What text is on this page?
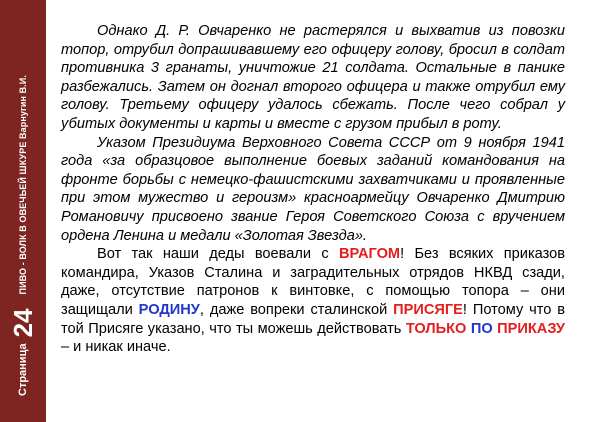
Страница
24
ПИВО - ВОЛК В ОВЕЧЬЕЙ ШКУРЕ Варнугин В.И.

Однако Д. Р. Овчаренко не растерялся и выхватив из повозки топор, отрубил допрашивавшему его офицеру голову, бросил в солдат противника 3 гранаты, уничтожие 21 солдата. Остальные в панике разбежались. Затем он догнал второго офицера и также отрубил ему голову. Третьему офицеру удалось сбежать. После чего собрал у убитых документы и карты и вместе с грузом прибыл в роту.

Указом Президиума Верховного Совета СССР от 9 ноября 1941 года «за образцовое выполнение боевых заданий командования на фронте борьбы с немецко-фашистскими захватчиками и проявленные при этом мужество и героизм» красноармейцу Овчаренко Дмитрию Романовичу присвоено звание Героя Советского Союза с вручением ордена Ленина и медали «Золотая Звезда».

Вот так наши деды воевали с ВРАГОМ! Без всяких приказов командира, Указов Сталина и заградительных отрядов НКВД сзади, даже, отсутствие патронов к винтовке, с помощью топора – они защищали РОДИНУ, даже вопреки сталинской ПРИСЯГЕ! Потому что в той Присяге указано, что ты можешь действовать ТОЛЬКО ПО ПРИКАЗУ – и никак иначе.
